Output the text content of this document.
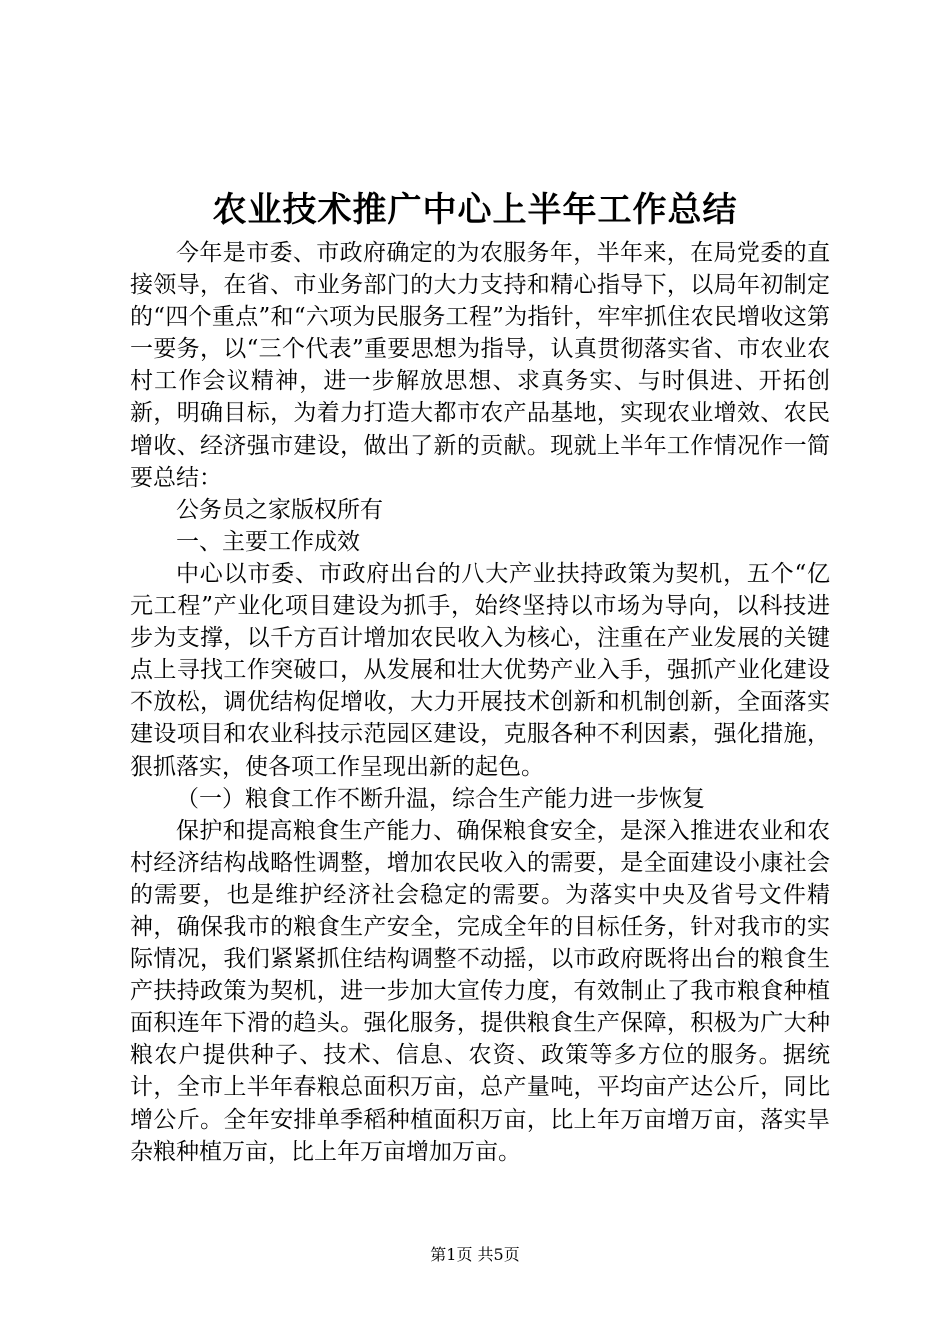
农业技术推广中心上半年工作总结

今年是市委、市政府确定的为农服务年，半年来，在局党委的直接领导，在省、市业务部门的大力支持和精心指导下，以局年初制定的“四个重点”和“六项为民服务工程”为指针，牢牢抓住农民增收这第一要务，以“三个代表”重要思想为指导，认真贯彻落实省、市农业农村工作会议精神，进一步解放思想、求真务实、与时俱进、开拓创新，明确目标，为着力打造大都市农产品基地，实现农业增效、农民增收、经济强市建设，做出了新的贡献。现就上半年工作情况作一简要总结：

公务员之家版权所有

一、主要工作成效

中心以市委、市政府出台的八大产业扶持政策为契机，五个“亿元工程”产业化项目建设为抓手，始终坚持以市场为导向，以科技进步为支撑，以千方百计增加农民收入为核心，注重在产业发展的关键点上寻找工作突破口，从发展和壮大优势产业入手，强抓产业化建设不放松，调优结构促增收，大力开展技术创新和机制创新，全面落实建设项目和农业科技示范园区建设，克服各种不利因素，强化措施，狠抓落实，使各项工作呈现出新的起色。

（一）粮食工作不断升温，综合生产能力进一步恢复

保护和提高粮食生产能力、确保粮食安全，是深入推进农业和农村经济结构战略性调整，增加农民收入的需要，是全面建设小康社会的需要，也是维护经济社会稳定的需要。为落实中央及省号文件精神，确保我市的粮食生产安全，完成全年的目标任务，针对我市的实际情况，我们紧紧抓住结构调整不动摇，以市政府既将出台的粮食生产扶持政策为契机，进一步加大宣传力度，有效制止了我市粮食种植面积连年下滑的趋头。强化服务，提供粮食生产保障，积极为广大种粮农户提供种子、技术、信息、农资、政策等多方位的服务。据统计，全市上半年春粮总面积万亩，总产量吨，平均亩产达公斤，同比增公斤。全年安排单季稻种植面积万亩，比上年万亩增万亩，落实旱杂粮种植万亩，比上年万亩增加万亩。

第1页 共5页
